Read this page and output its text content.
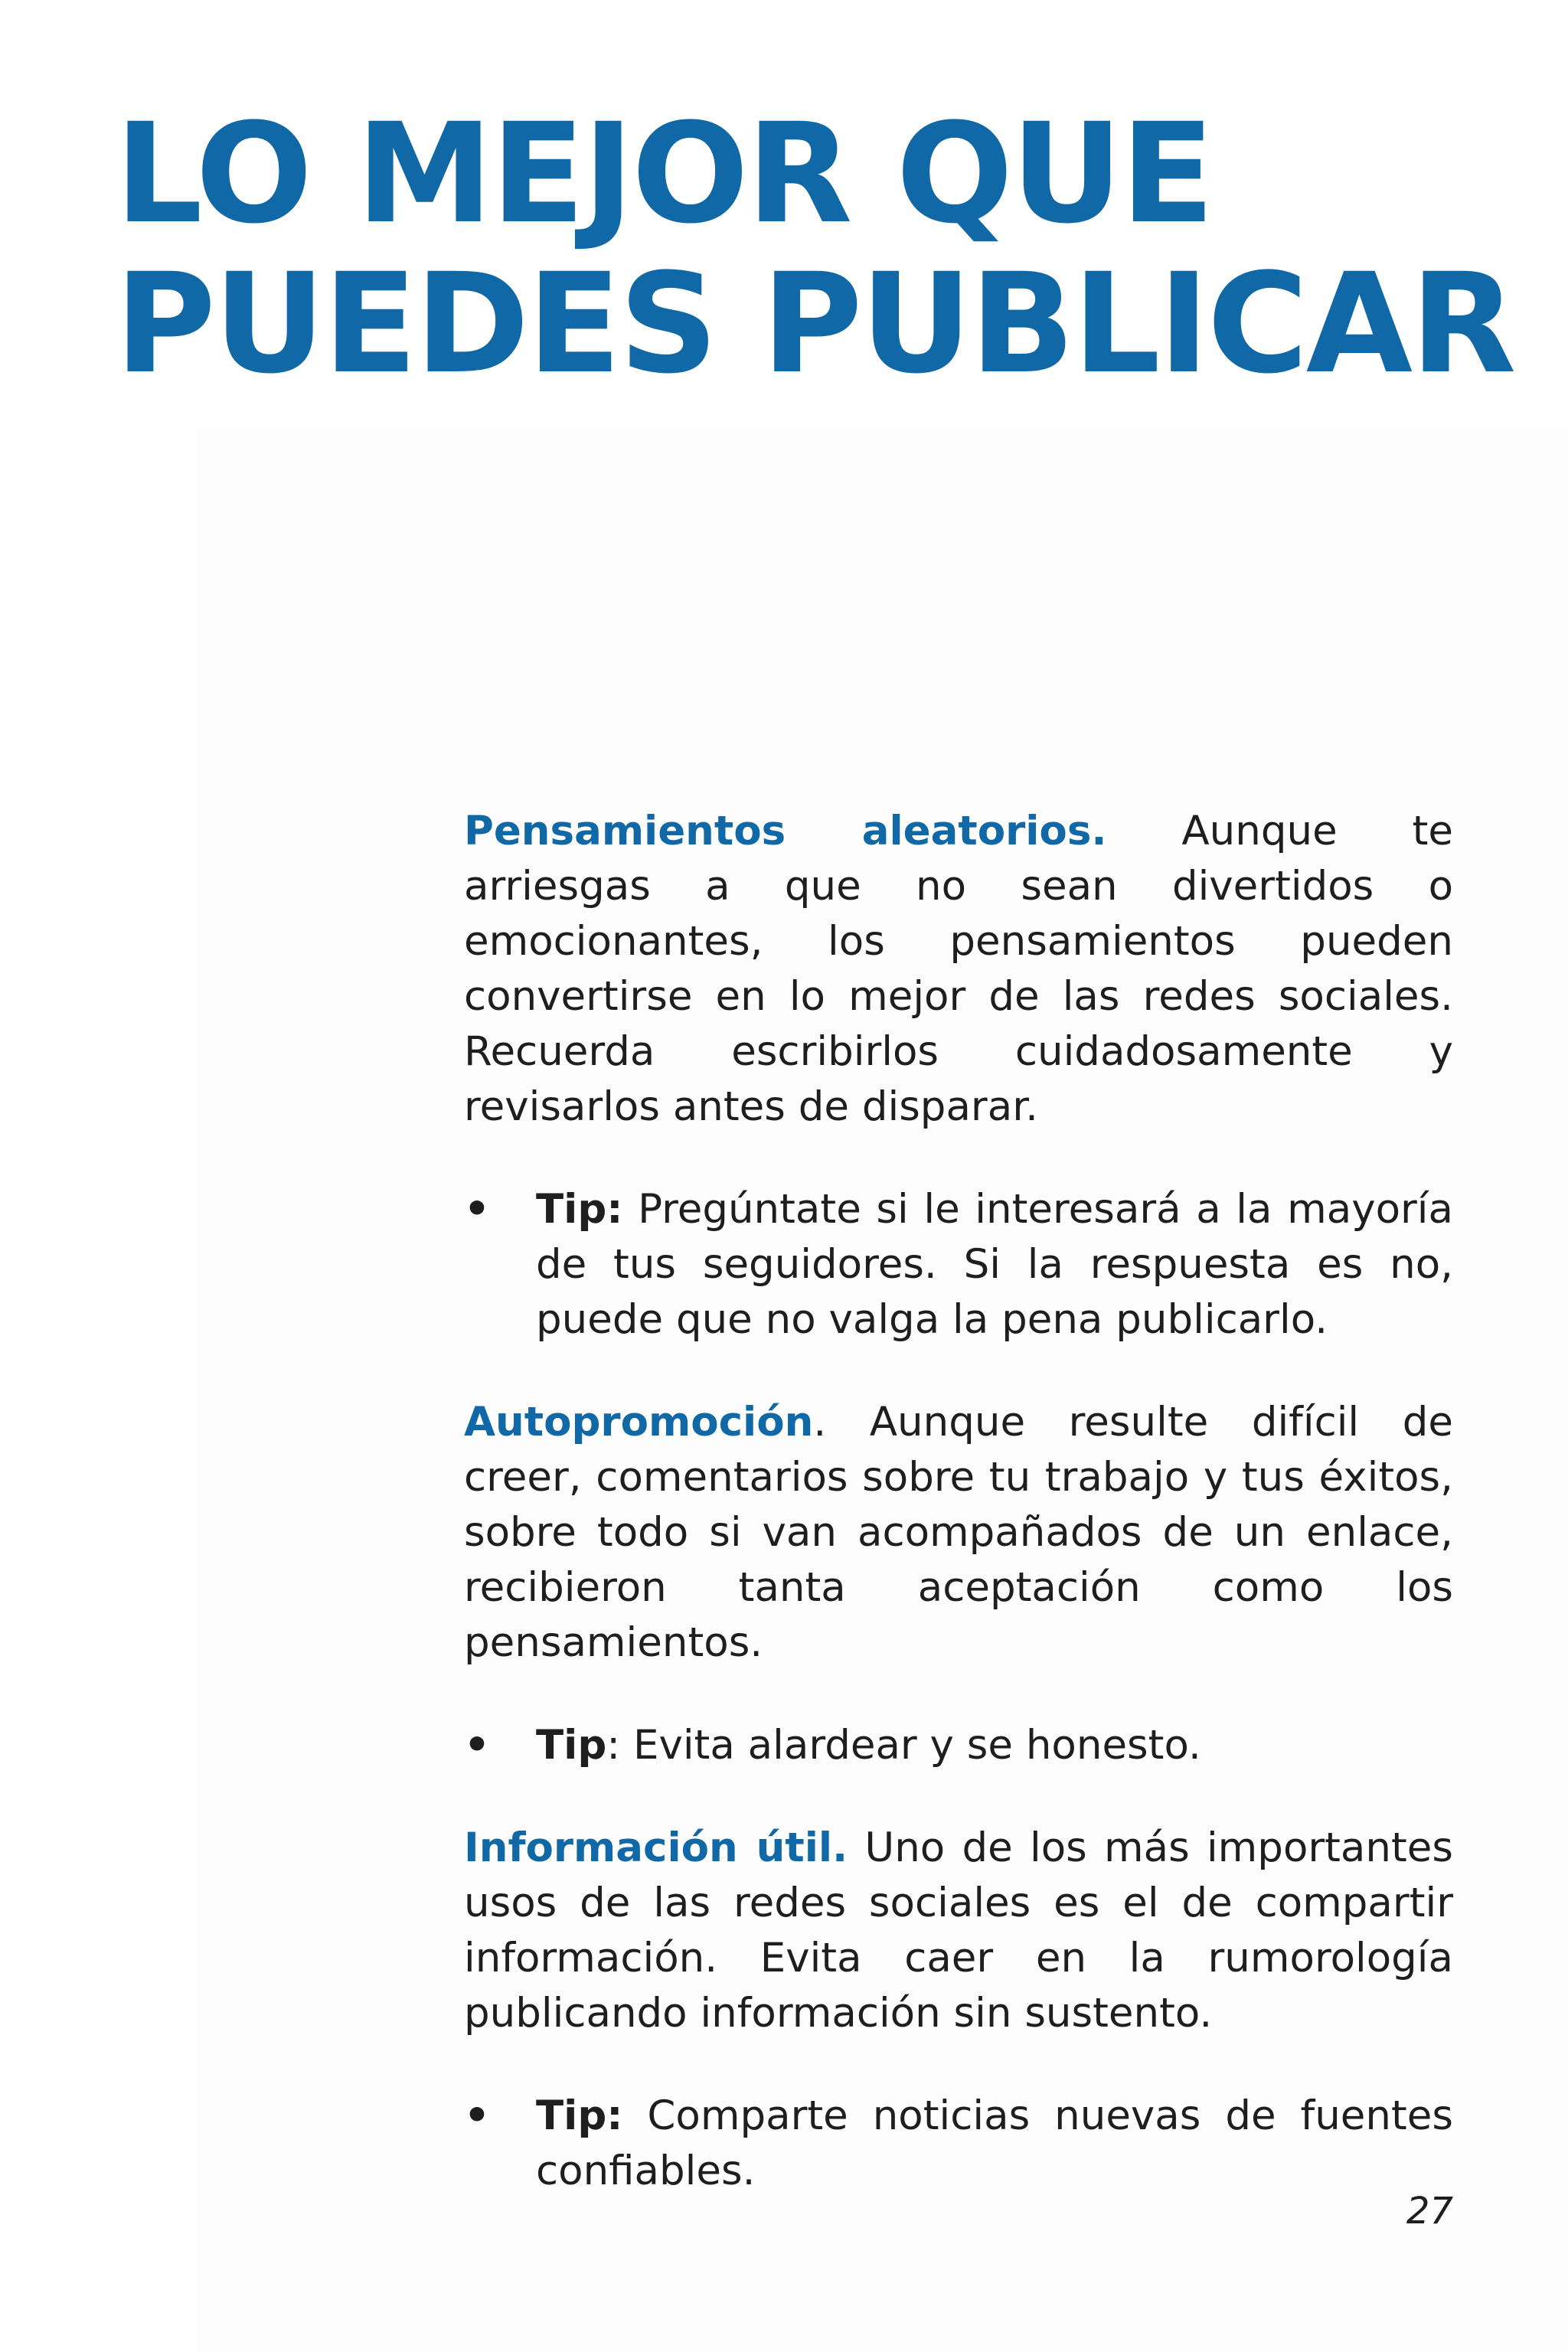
LO MEJOR QUE
PUEDES PUBLICAR

Pensamientos aleatorios. Aunque te arriesgas a que no sean divertidos o emocionantes, los pensamientos pueden convertirse en lo mejor de las redes sociales. Recuerda escribirlos cuidadosamente y revisarlos antes de disparar.

• Tip: Pregúntate si le interesará a la mayoría de tus seguidores. Si la respuesta es no, puede que no valga la pena publicarlo.

Autopromoción. Aunque resulte difícil de creer, comentarios sobre tu trabajo y tus éxitos, sobre todo si van acompañados de un enlace, recibieron tanta aceptación como los pensamientos.

• Tip: Evita alardear y se honesto.

Información útil. Uno de los más importantes usos de las redes sociales es el de compartir información. Evita caer en la rumorología publicando información sin sustento.

• Tip: Comparte noticias nuevas de fuentes confiables.
27
